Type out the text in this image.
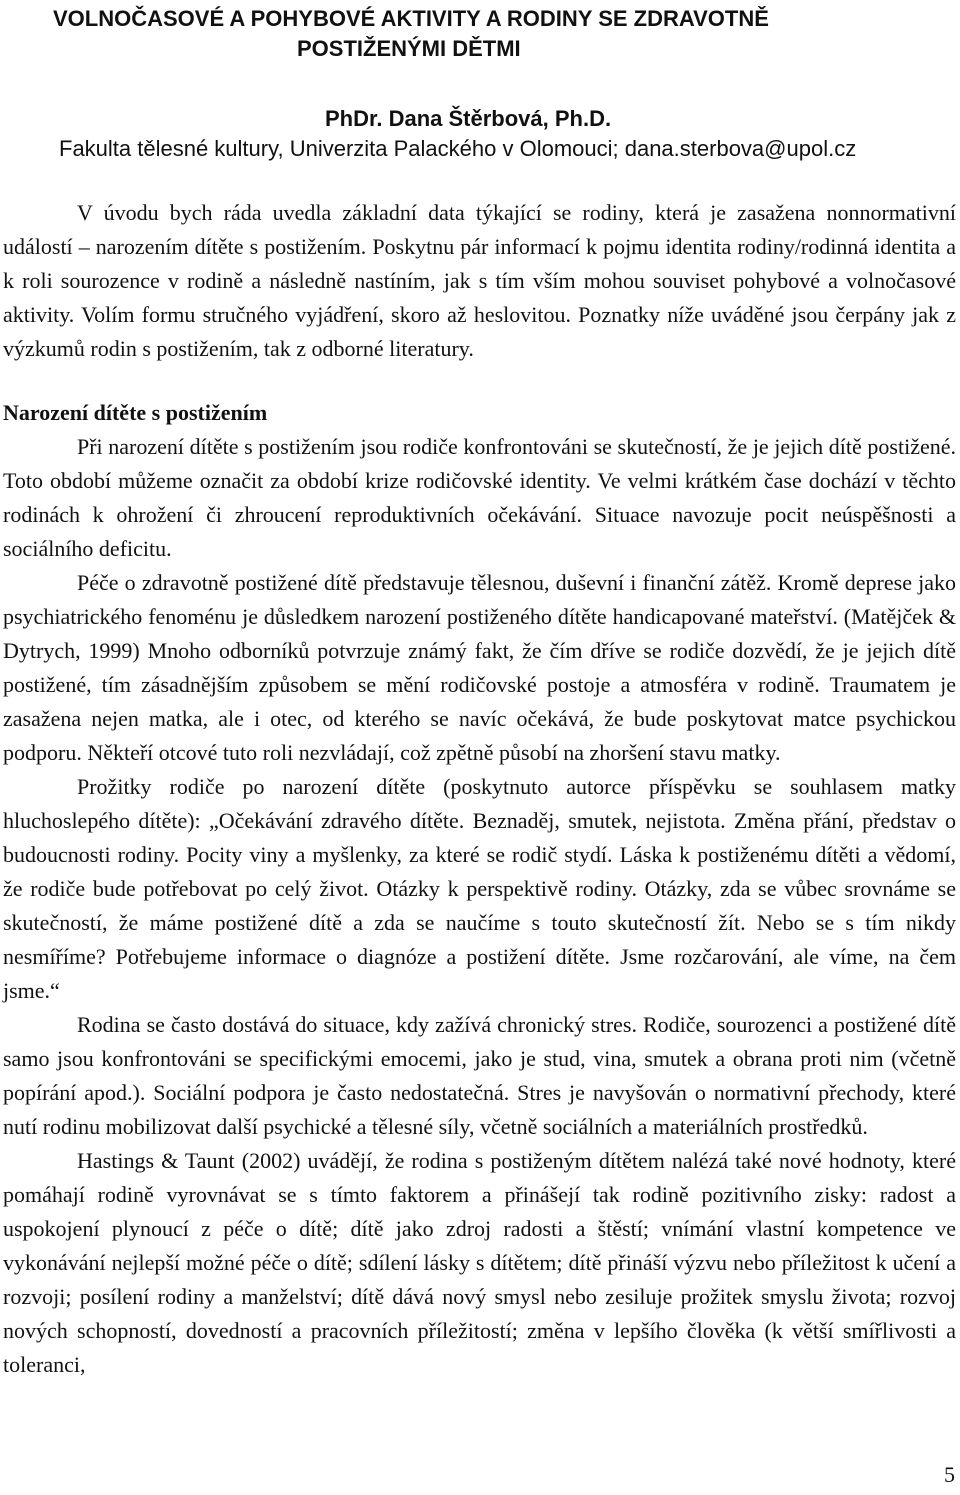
VOLNOČASOVÉ A POHYBOVÉ AKTIVITY A RODINY SE ZDRAVOTNĚ
POSTIŽENÝMI DĚTMI

PhDr. Dana Štěrbová, Ph.D.

Fakulta tělesné kultury, Univerzita Palackého v Olomouci; dana.sterbova@upol.cz

V úvodu bych ráda uvedla základní data týkající se rodiny, která je zasažena nonnormativní událostí – narozením dítěte s postižením. Poskytnu pár informací k pojmu identita rodiny/rodinná identita a k roli sourozence v rodině a následně nastíním, jak s tím vším mohou souviset pohybové a volnočasové aktivity. Volím formu stručného vyjádření, skoro až heslovitou. Poznatky níže uváděné jsou čerpány jak z výzkumů rodin s postižením, tak z odborné literatury.

Narození dítěte s postižením

Při narození dítěte s postižením jsou rodiče konfrontováni se skutečností, že je jejich dítě postižené. Toto období můžeme označit za období krize rodičovské identity. Ve velmi krátkém čase dochází v těchto rodinách k ohrožení či zhroucení reproduktivních očekávání. Situace navozuje pocit neúspěšnosti a sociálního deficitu.

Péče o zdravotně postižené dítě představuje tělesnou, duševní i finanční zátěž. Kromě deprese jako psychiatrického fenoménu je důsledkem narození postiženého dítěte handicapované mateřství. (Matějček & Dytrych, 1999) Mnoho odborníků potvrzuje známý fakt, že čím dříve se rodiče dozvědí, že je jejich dítě postižené, tím zásadnějším způsobem se mění rodičovské postoje a atmosféra v rodině. Traumatem je zasažena nejen matka, ale i otec, od kterého se navíc očekává, že bude poskytovat matce psychickou podporu. Někteří otcové tuto roli nezvládají, což zpětně působí na zhoršení stavu matky.

Prožitky rodiče po narození dítěte (poskytnuto autorce příspěvku se souhlasem matky hluchoslepého dítěte): „Očekávání zdravého dítěte. Beznaděj, smutek, nejistota. Změna přání, představ o budoucnosti rodiny. Pocity viny a myšlenky, za které se rodič stydí. Láska k postiženému dítěti a vědomí, že rodiče bude potřebovat po celý život. Otázky k perspektivě rodiny. Otázky, zda se vůbec srovnáme se skutečností, že máme postižené dítě a zda se naučíme s touto skutečností žít. Nebo se s tím nikdy nesmíříme? Potřebujeme informace o diagnóze a postižení dítěte. Jsme rozčarování, ale víme, na čem jsme.“

Rodina se často dostává do situace, kdy zažívá chronický stres. Rodiče, sourozenci a postižené dítě samo jsou konfrontováni se specifickými emocemi, jako je stud, vina, smutek a obrana proti nim (včetně popírání apod.). Sociální podpora je často nedostatečná. Stres je navyšován o normativní přechody, které nutí rodinu mobilizovat další psychické a tělesné síly, včetně sociálních a materiálních prostředků.

Hastings & Taunt (2002) uvádějí, že rodina s postiženým dítětem nalézá také nové hodnoty, které pomáhají rodině vyrovnávat se s tímto faktorem a přinášejí tak rodině pozitivního zisky: radost a uspokojení plynoucí z péče o dítě; dítě jako zdroj radosti a štěstí; vnímání vlastní kompetence ve vykonávání nejlepší možné péče o dítě; sdílení lásky s dítětem; dítě přináší výzvu nebo příležitost k učení a rozvoji; posílení rodiny a manželství; dítě dává nový smysl nebo zesiluje prožitek smyslu života; rozvoj nových schopností, dovedností a pracovních příležitostí; změna v lepšího člověka (k větší smířlivosti a toleranci,

5
